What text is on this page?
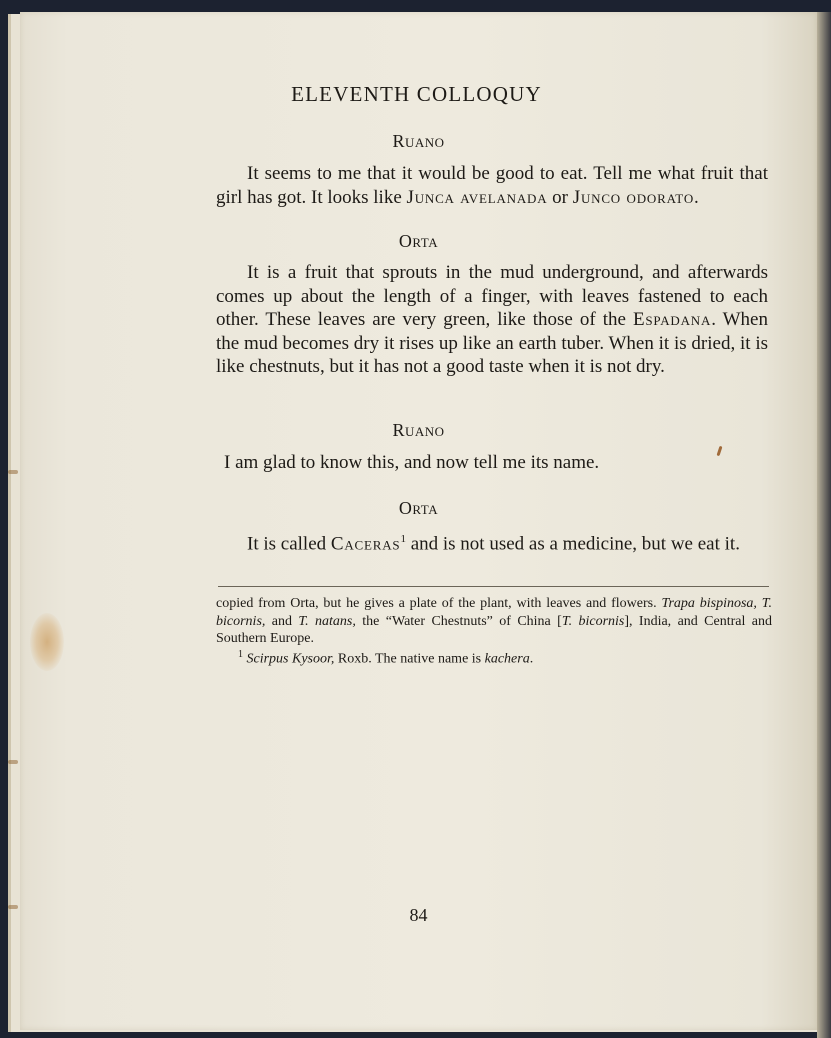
ELEVENTH COLLOQUY
Ruano
It seems to me that it would be good to eat. Tell me what fruit that girl has got. It looks like Junca avelanada or Junco odorato.
Orta
It is a fruit that sprouts in the mud underground, and afterwards comes up about the length of a finger, with leaves fastened to each other. These leaves are very green, like those of the Espadana. When the mud becomes dry it rises up like an earth tuber. When it is dried, it is like chestnuts, but it has not a good taste when it is not dry.
Ruano
I am glad to know this, and now tell me its name.
Orta
It is called Caceras$^1$ and is not used as a medicine, but we eat it.
copied from Orta, but he gives a plate of the plant, with leaves and flowers. Trapa bispinosa, T. bicornis, and T. natans, the “Water Chestnuts” of China [T. bicornis], India, and Central and Southern Europe.
$^1$ Scirpus Kysoor, Roxb. The native name is kachera.
84
